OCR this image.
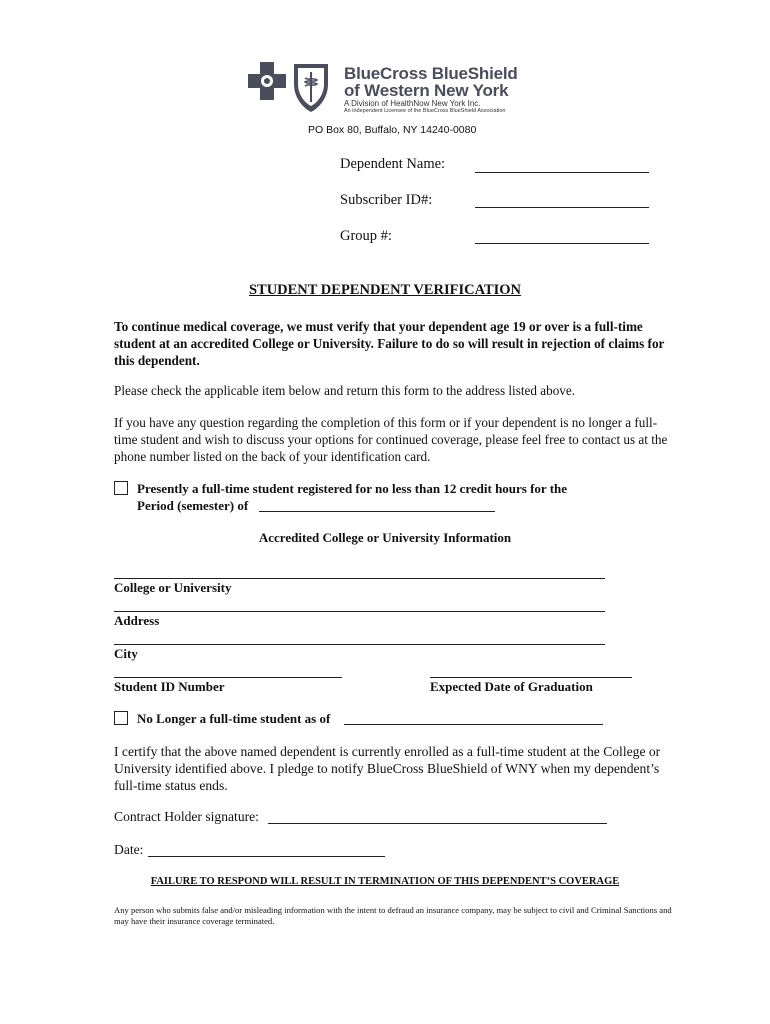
BlueCross BlueShield
of Western New York
A Division of HealthNow New York Inc.
An independent Licensee of the BlueCross BlueShield Association
PO Box 80, Buffalo, NY 14240-0080
Dependent Name:
Subscriber ID#:
Group #:
STUDENT DEPENDENT VERIFICATION
To continue medical coverage, we must verify that your dependent age 19 or over is a full-time student at an accredited College or University. Failure to do so will result in rejection of claims for this dependent.
Please check the applicable item below and return this form to the address listed above.
If you have any question regarding the completion of this form or if your dependent is no longer a full-time student and wish to discuss your options for continued coverage, please feel free to contact us at the phone number listed on the back of your identification card.
Presently a full-time student registered for no less than 12 credit hours for the
Period (semester) of
Accredited College or University Information
College or University
Address
City
Student ID Number	Expected Date of Graduation
No Longer a full-time student as of
I certify that the above named dependent is currently enrolled as a full-time student at the College or University identified above. I pledge to notify BlueCross BlueShield of WNY when my dependent’s full-time status ends.
Contract Holder signature:
Date:
FAILURE TO RESPOND WILL RESULT IN TERMINATION OF THIS DEPENDENT’S COVERAGE
Any person who submits false and/or misleading information with the intent to defraud an insurance company, may be subject to civil and Criminal Sanctions and may have their insurance coverage terminated.
